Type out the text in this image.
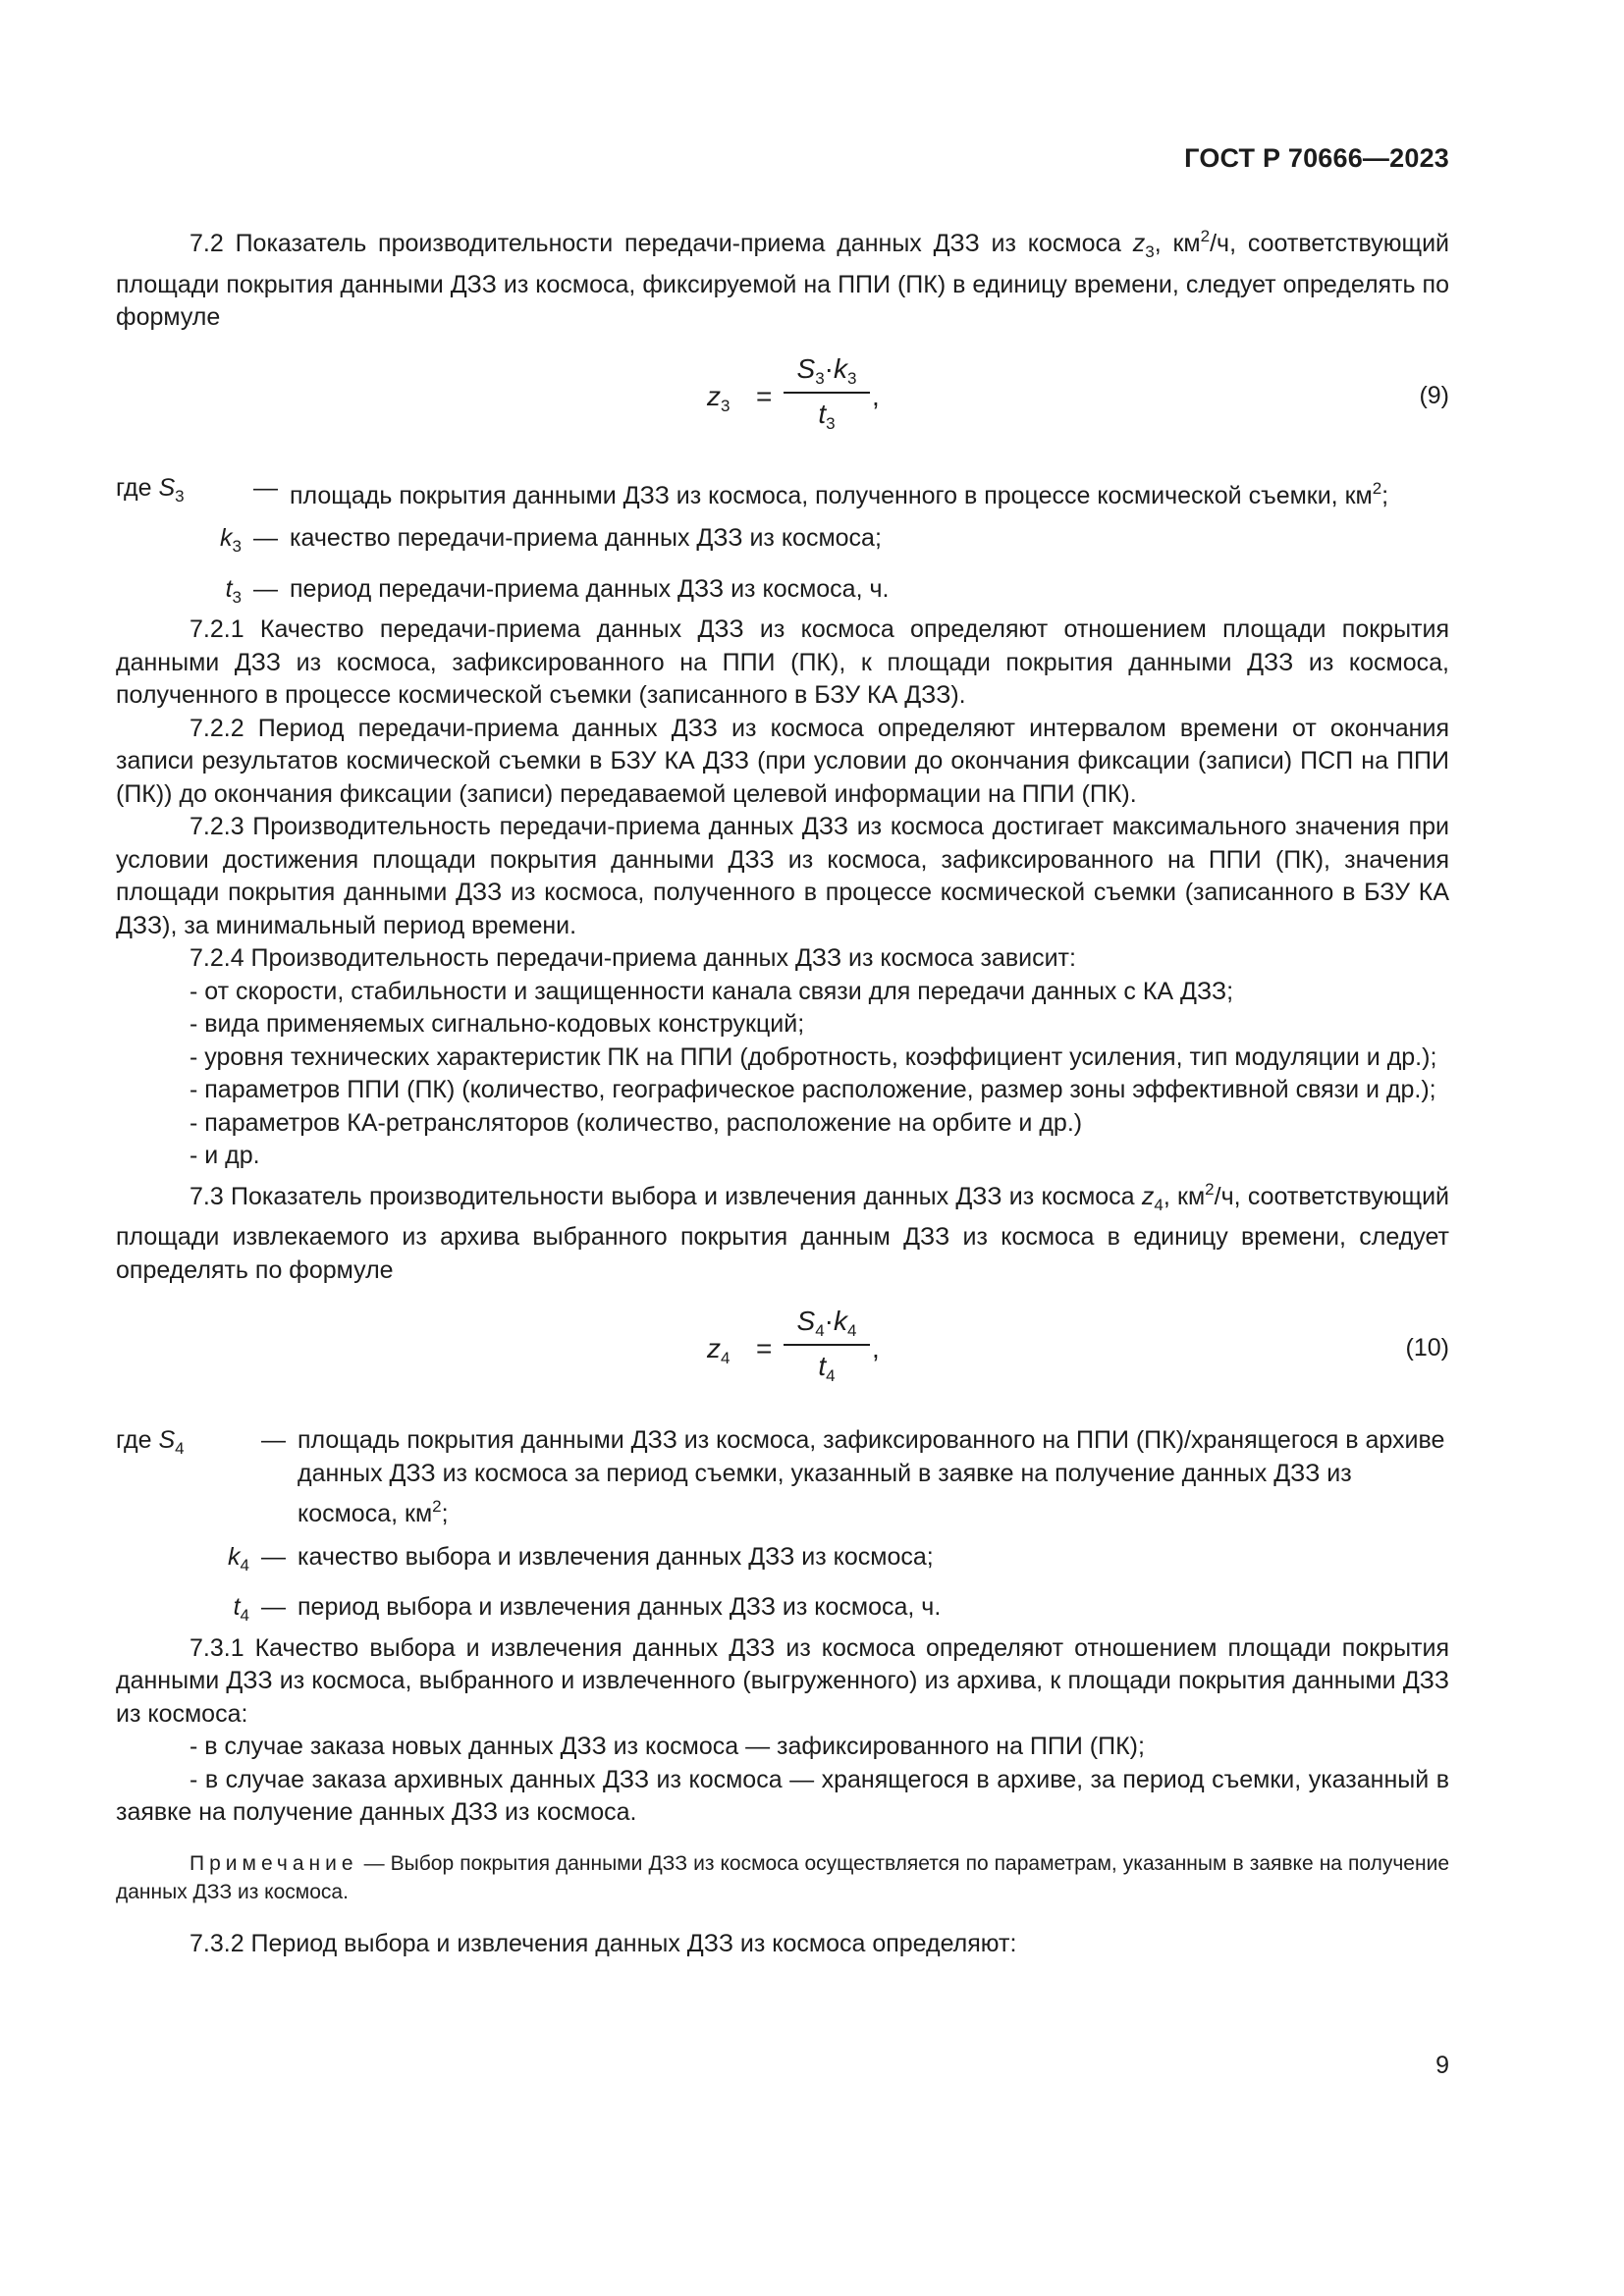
ГОСТ Р 70666—2023

7.2 Показатель производительности передачи-приема данных ДЗЗ из космоса $z_3$, $км^2/ч$, соответствующий площади покрытия данными ДЗЗ из космоса, фиксируемой на ППИ (ПК) в единицу времени, следует определять по формуле

$z_3$ =
$S_3\cdot k_3$
$t_3$
,	(9)
где $S_3$	— площадь покрытия данными ДЗЗ из космоса, полученного в процессе космической съемки, $км^2$;
$k_3$ — качество передачи-приема данных ДЗЗ из космоса;
$t_3$ — период передачи-приема данных ДЗЗ из космоса, ч.

7.2.1 Качество передачи-приема данных ДЗЗ из космоса определяют отношением площади покрытия данными ДЗЗ из космоса, зафиксированного на ППИ (ПК), к площади покрытия данными ДЗЗ из космоса, полученного в процессе космической съемки (записанного в БЗУ КА ДЗЗ).

7.2.2 Период передачи-приема данных ДЗЗ из космоса определяют интервалом времени от окончания записи результатов космической съемки в БЗУ КА ДЗЗ (при условии до окончания фиксации (записи) ПСП на ППИ (ПК)) до окончания фиксации (записи) передаваемой целевой информации на ППИ (ПК).

7.2.3 Производительность передачи-приема данных ДЗЗ из космоса достигает максимального значения при условии достижения площади покрытия данными ДЗЗ из космоса, зафиксированного на ППИ (ПК), значения площади покрытия данными ДЗЗ из космоса, полученного в процессе космической съемки (записанного в БЗУ КА ДЗЗ), за минимальный период времени.

7.2.4 Производительность передачи-приема данных ДЗЗ из космоса зависит:

- от скорости, стабильности и защищенности канала связи для передачи данных с КА ДЗЗ;

- вида применяемых сигнально-кодовых конструкций;

- уровня технических характеристик ПК на ППИ (добротность, коэффициент усиления, тип модуляции и др.);

- параметров ППИ (ПК) (количество, географическое расположение, размер зоны эффективной связи и др.);

- параметров КА-ретрансляторов (количество, расположение на орбите и др.)

- и др.

7.3 Показатель производительности выбора и извлечения данных ДЗЗ из космоса $z_4$, $км^2/ч$, соответствующий площади извлекаемого из архива выбранного покрытия данным ДЗЗ из космоса в единицу времени, следует определять по формуле

$z_4$ =
$S_4\cdot k_4$
$t_4$
,	(10)
где $S_4$	— площадь покрытия данными ДЗЗ из космоса, зафиксированного на ППИ (ПК)/хранящегося в архиве данных ДЗЗ из космоса за период съемки, указанный в заявке на получение данных ДЗЗ из космоса, $км^2$;
$k_4$ — качество выбора и извлечения данных ДЗЗ из космоса;
$t_4$ — период выбора и извлечения данных ДЗЗ из космоса, ч.

7.3.1 Качество выбора и извлечения данных ДЗЗ из космоса определяют отношением площади покрытия данными ДЗЗ из космоса, выбранного и извлеченного (выгруженного) из архива, к площади покрытия данными ДЗЗ из космоса:

- в случае заказа новых данных ДЗЗ из космоса — зафиксированного на ППИ (ПК);

- в случае заказа архивных данных ДЗЗ из космоса — хранящегося в архиве, за период съемки, указанный в заявке на получение данных ДЗЗ из космоса.

Примечание — Выбор покрытия данными ДЗЗ из космоса осуществляется по параметрам, указанным в заявке на получение данных ДЗЗ из космоса.

7.3.2 Период выбора и извлечения данных ДЗЗ из космоса определяют:

9
